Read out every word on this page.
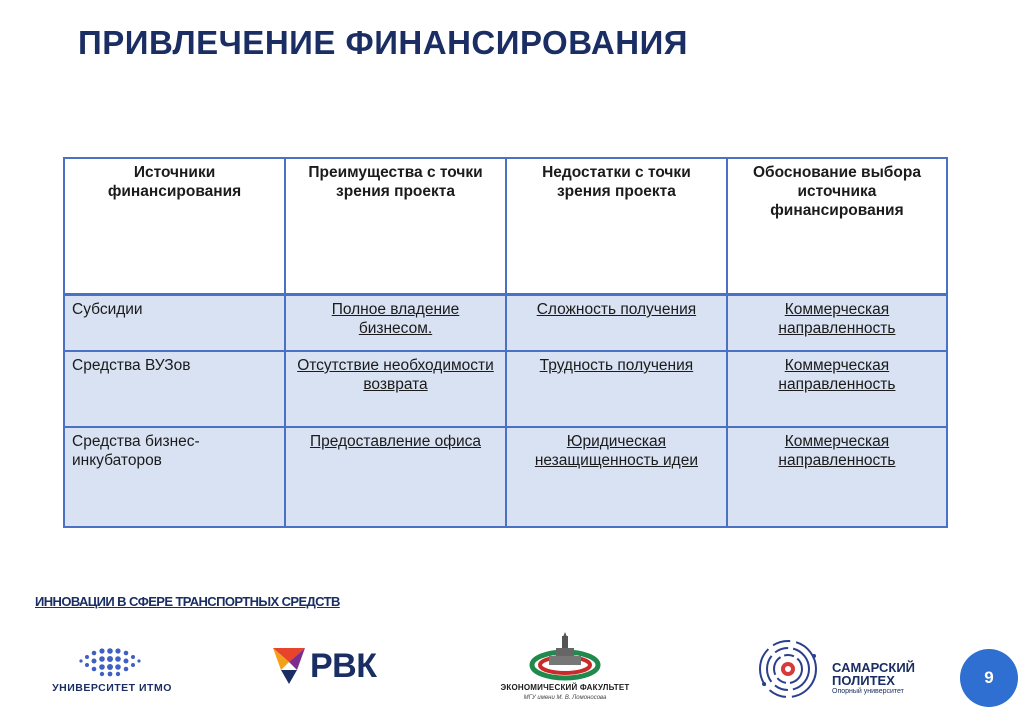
ПРИВЛЕЧЕНИЕ ФИНАНСИРОВАНИЯ
Источники финансирования	Преимущества с точки зрения проекта	Недостатки с точки зрения проекта	Обоснование выбора источника финансирования
Субсидии	Полное владение бизнесом.	Сложность получения	Коммерческая направленность
Средства ВУЗов	Отсутствие необходимости возврата	Трудность получения	Коммерческая направленность
Средства бизнес-инкубаторов	Предоставление офиса	Юридическая незащищенность идеи	Коммерческая направленность
ИННОВАЦИИ В СФЕРЕ ТРАНСПОРТНЫХ СРЕДСТВ
УНИВЕРСИТЕТ ИТМО
РВК
ЭКОНОМИЧЕСКИЙ ФАКУЛЬТЕТ
МГУ имени М. В. Ломоносова
САМАРСКИЙ
ПОЛИТЕХ
Опорный университет
9
